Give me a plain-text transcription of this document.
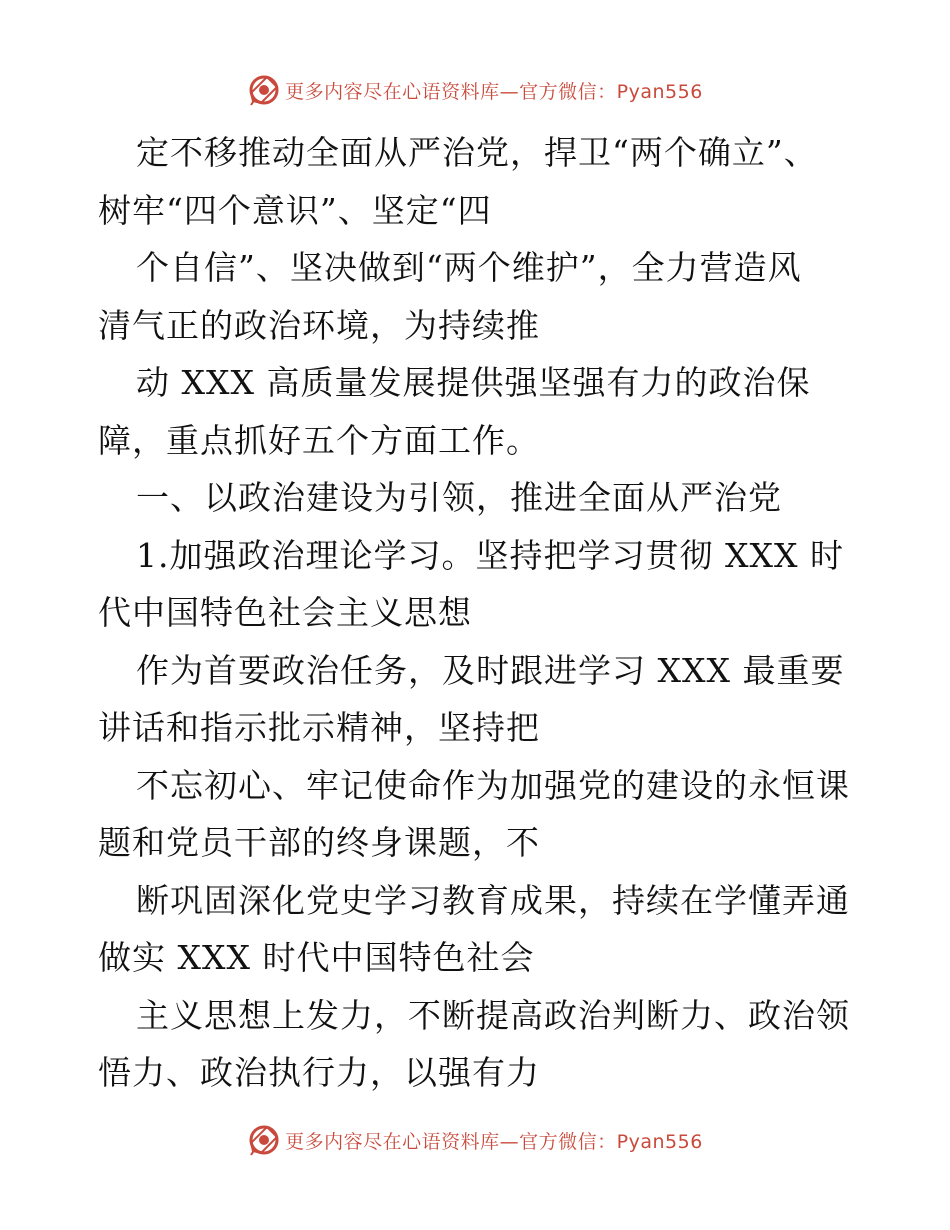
更多内容尽在心语资料库—官方微信：Pyan556
定不移推动全面从严治党，捍卫“两个确立”、
树牢“四个意识”、坚定“四
个自信”、坚决做到“两个维护”，全力营造风
清气正的政治环境，为持续推
动 XXX 高质量发展提供强坚强有力的政治保
障，重点抓好五个方面工作。
一、以政治建设为引领，推进全面从严治党
1.加强政治理论学习。坚持把学习贯彻 XXX 时
代中国特色社会主义思想
作为首要政治任务，及时跟进学习 XXX 最重要
讲话和指示批示精神，坚持把
不忘初心、牢记使命作为加强党的建设的永恒课
题和党员干部的终身课题，不
断巩固深化党史学习教育成果，持续在学懂弄通
做实 XXX 时代中国特色社会
主义思想上发力，不断提高政治判断力、政治领
悟力、政治执行力，以强有力
更多内容尽在心语资料库—官方微信：Pyan556
